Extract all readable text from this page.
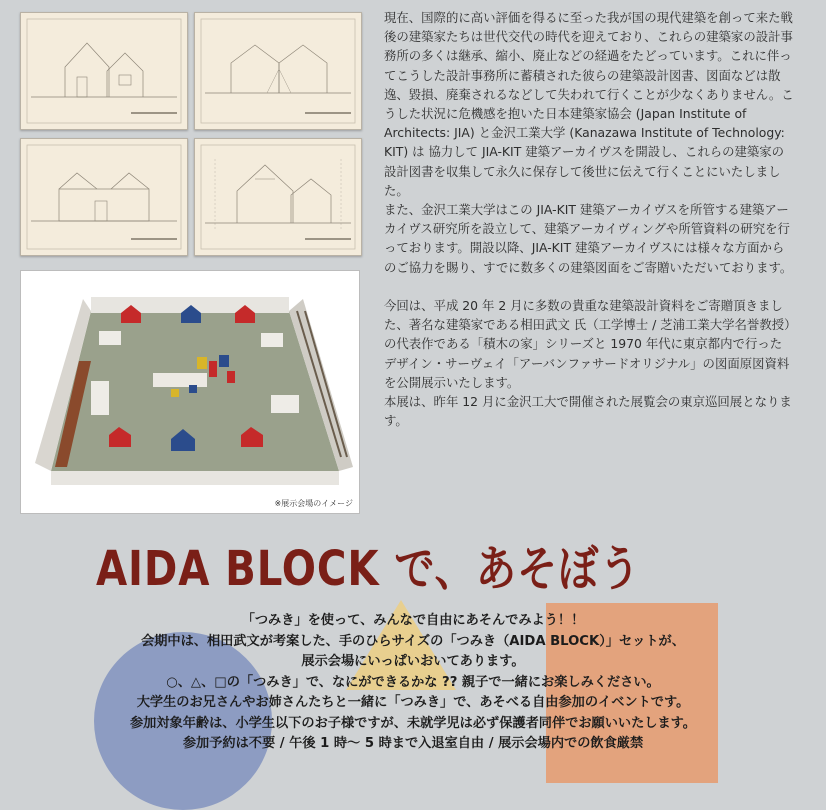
※展示会場のイメージ

現在、国際的に高い評価を得るに至った我が国の現代建築を創って来た戦後の建築家たちは世代交代の時代を迎えており、これらの建築家の設計事務所の多くは継承、縮小、廃止などの経過をたどっています。これに伴ってこうした設計事務所に蓄積された彼らの建築設計図書、図面などは散逸、毀損、廃棄されるなどして失われて行くことが少なくありません。こうした状況に危機感を抱いた日本建築家協会 (Japan Institute of Architects: JIA) と金沢工業大学 (Kanazawa Institute of Technology: KIT) は 協力して JIA-KIT 建築アーカイヴスを開設し、これらの建築家の設計図書を収集して永久に保存して後世に伝えて行くことにいたしました。

また、金沢工業大学はこの JIA-KIT 建築アーカイヴスを所管する建築アーカイヴス研究所を設立して、建築アーカイヴィングや所管資料の研究を行っております。開設以降、JIA-KIT 建築アーカイヴスには様々な方面からのご協力を賜り、すでに数多くの建築図面をご寄贈いただいております。

今回は、平成 20 年 2 月に多数の貴重な建築設計資料をご寄贈頂きました、著名な建築家である相田武文 氏（工学博士 / 芝浦工業大学名誉教授）の代表作である「積木の家」シリーズと 1970 年代に東京都内で行ったデザイン・サーヴェイ「アーバンファサードオリジナル」の図面原図資料を公開展示いたします。

本展は、昨年 12 月に金沢工大で開催された展覧会の東京巡回展となります。

AIDA BLOCK で、あそぼう
「つみき」を使って、みんなで自由にあそんでみよう！！
会期中は、相田武文が考案した、手のひらサイズの「つみき（AIDA BLOCK）」セットが、
展示会場にいっぱいおいてあります。
○、△、□の「つみき」で、なにができるかな ?? 親子で一緒にお楽しみください。
大学生のお兄さんやお姉さんたちと一緒に「つみき」で、あそべる自由参加のイベントです。
参加対象年齢は、小学生以下のお子様ですが、未就学児は必ず保護者同伴でお願いいたします。
参加予約は不要 / 午後 1 時～ 5 時まで入退室自由 / 展示会場内での飲食厳禁
